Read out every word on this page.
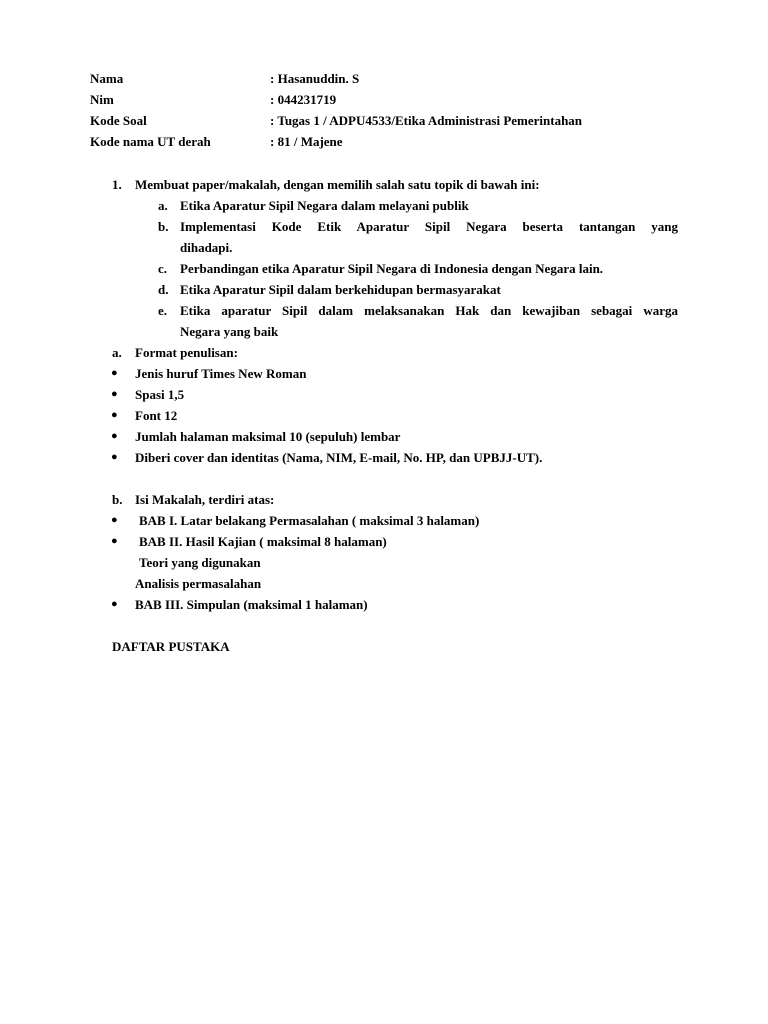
Nama	: Hasanuddin. S
Nim	: 044231719
Kode Soal	: Tugas 1 / ADPU4533/Etika Administrasi Pemerintahan
Kode nama UT derah	: 81 / Majene
1. Membuat paper/makalah, dengan memilih salah satu topik di bawah ini:
a. Etika Aparatur Sipil Negara dalam melayani publik
b. Implementasi Kode Etik Aparatur Sipil Negara beserta tantangan yang
dihadapi.
c. Perbandingan etika Aparatur Sipil Negara di Indonesia dengan Negara lain.
d. Etika Aparatur Sipil dalam berkehidupan bermasyarakat
e. Etika aparatur Sipil dalam melaksanakan Hak dan kewajiban sebagai warga
Negara yang baik
a. Format penulisan:
● Jenis huruf Times New Roman
● Spasi 1,5
● Font 12
● Jumlah halaman maksimal 10 (sepuluh) lembar
● Diberi cover dan identitas (Nama, NIM, E-mail, No. HP, dan UPBJJ-UT).
b. Isi Makalah, terdiri atas:
● BAB I. Latar belakang Permasalahan ( maksimal 3 halaman)
● BAB II. Hasil Kajian ( maksimal 8 halaman)
Teori yang digunakan
Analisis permasalahan
● BAB III. Simpulan (maksimal 1 halaman)
DAFTAR PUSTAKA
